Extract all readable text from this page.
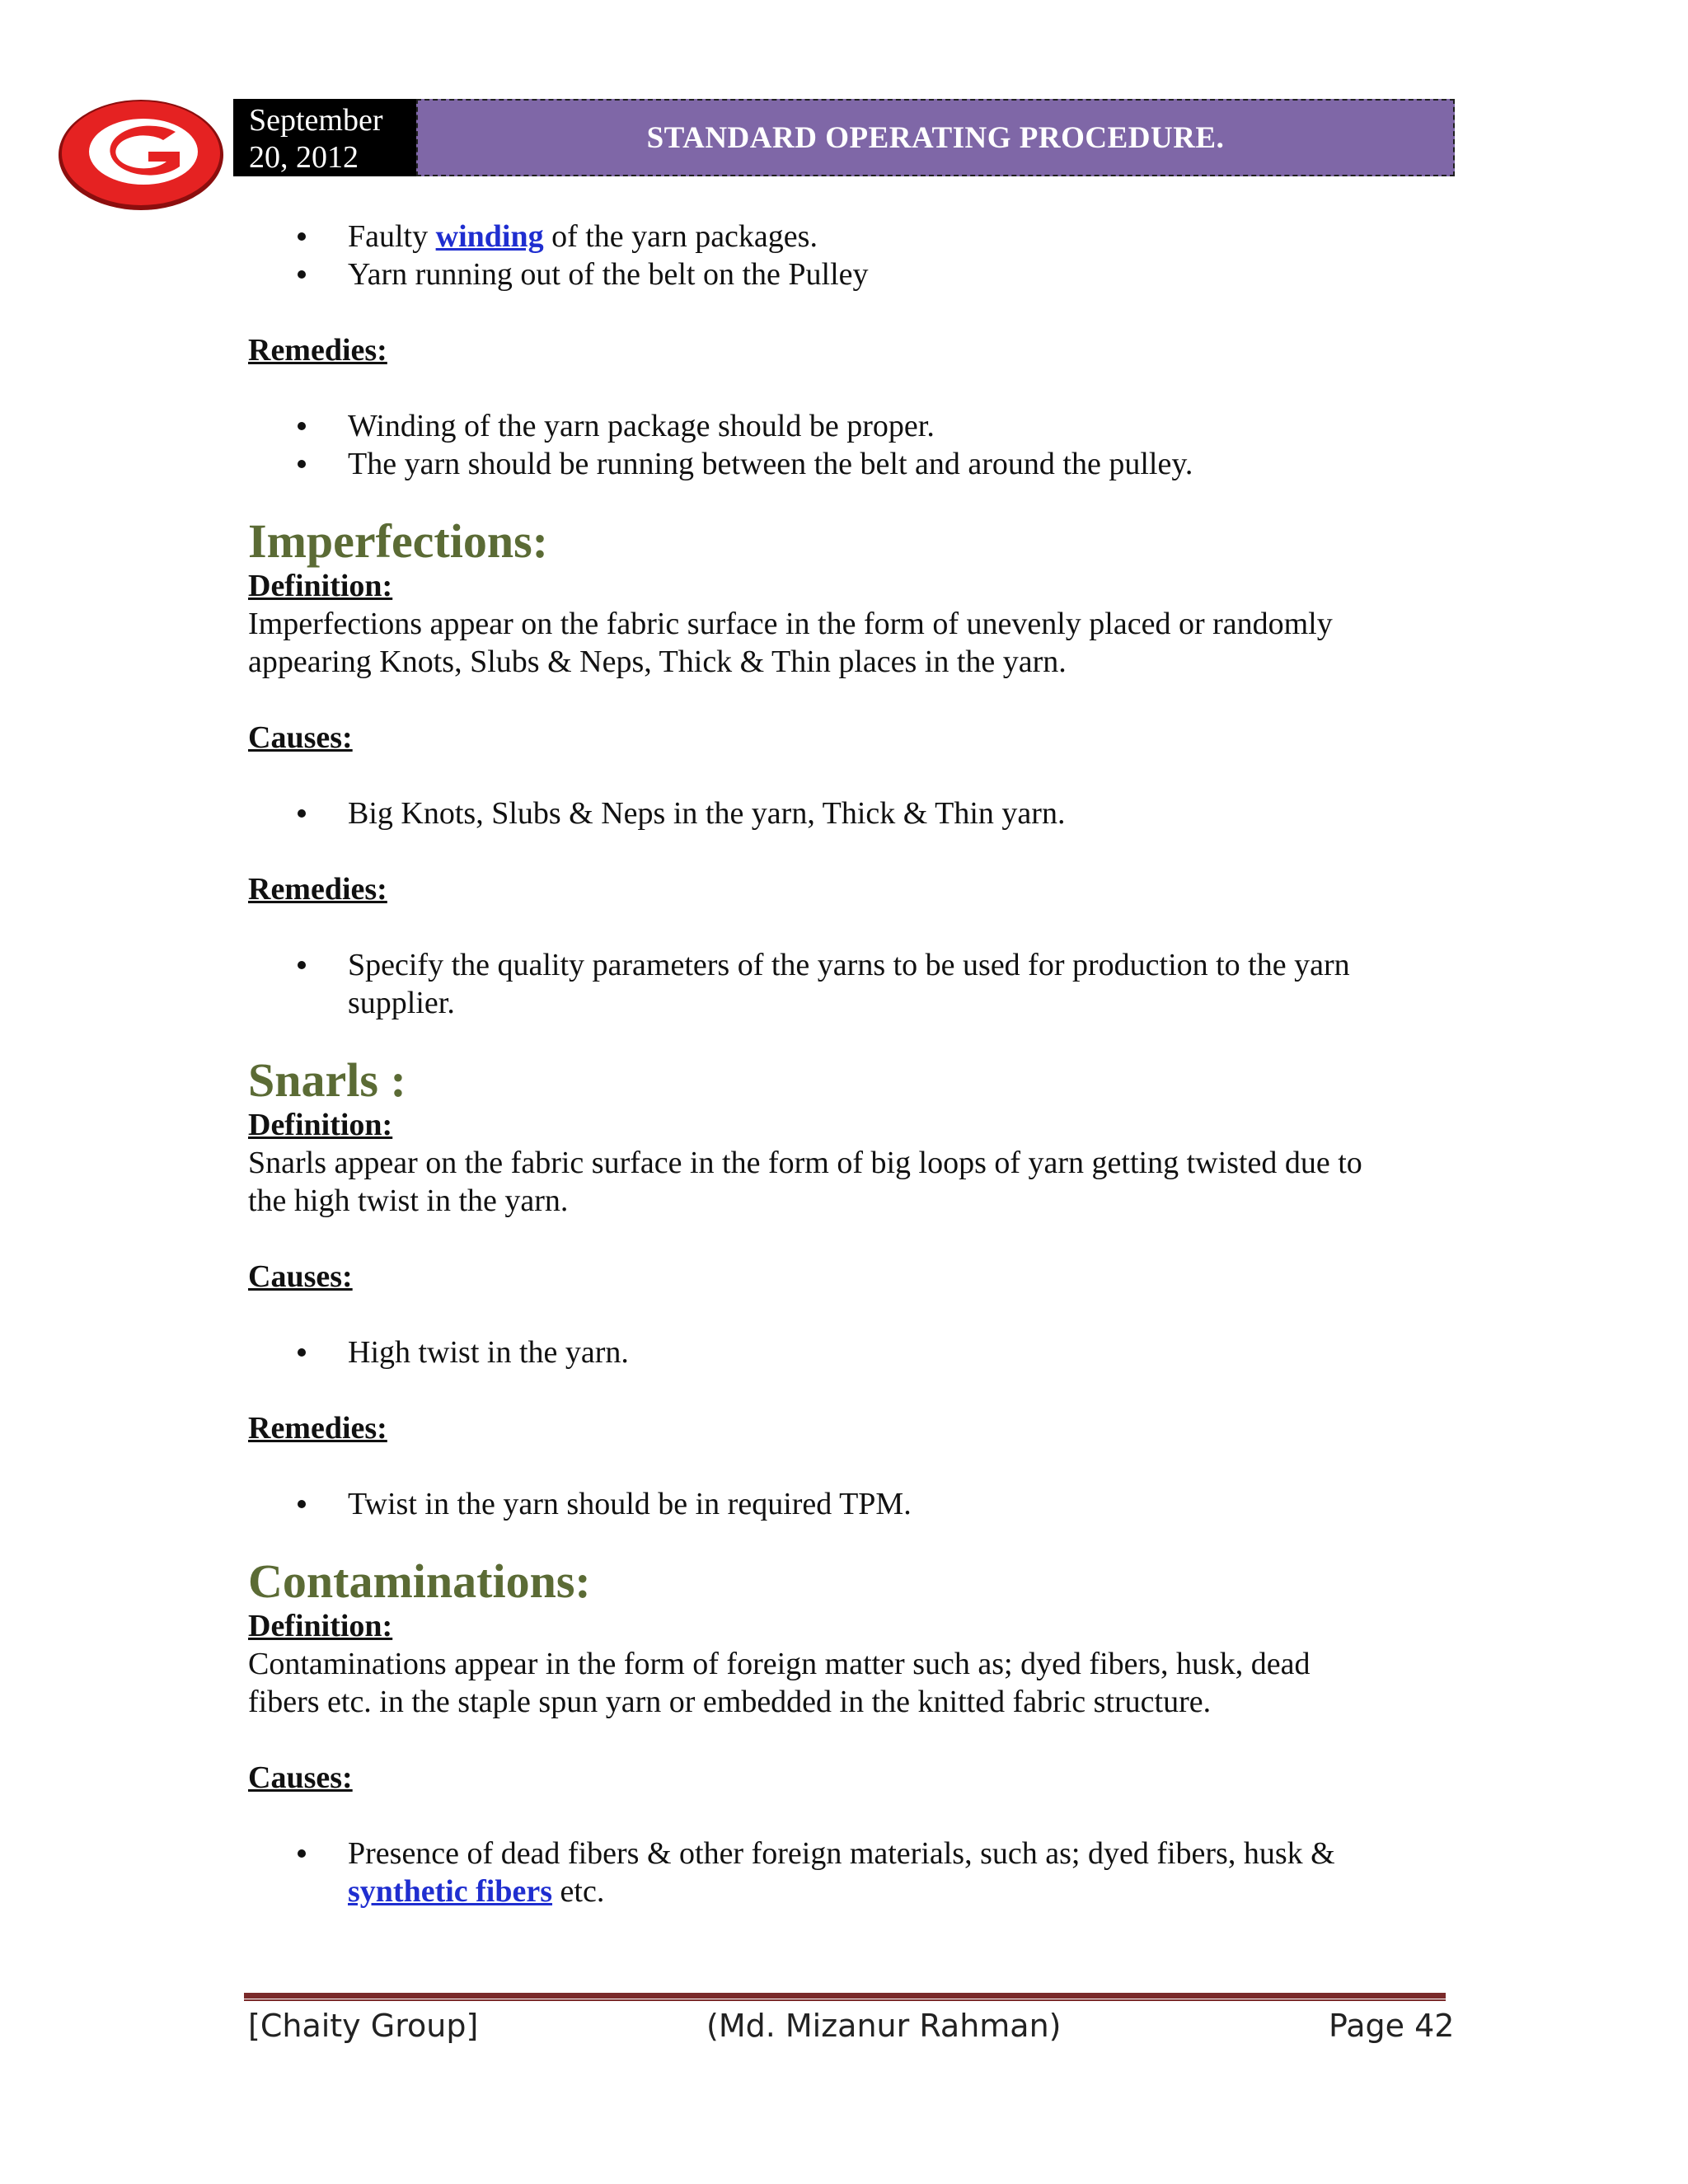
September
20, 2012
STANDARD OPERATING PROCEDURE.
Faulty winding of the yarn packages.
Yarn running out of the belt on the Pulley

Remedies:

Winding of the yarn package should be proper.
The yarn should be running between the belt and around the pulley.

Imperfections:

Definition:

Imperfections appear on the fabric surface in the form of unevenly placed or randomly
appearing Knots, Slubs & Neps, Thick & Thin places in the yarn.

Causes:

Big Knots, Slubs & Neps in the yarn, Thick & Thin yarn.

Remedies:

Specify the quality parameters of the yarns to be used for production to the yarn
supplier.

Snarls :

Definition:

Snarls appear on the fabric surface in the form of big loops of yarn getting twisted due to
the high twist in the yarn.

Causes:

High twist in the yarn.

Remedies:

Twist in the yarn should be in required TPM.

Contaminations:

Definition:

Contaminations appear in the form of foreign matter such as; dyed fibers, husk, dead
fibers etc. in the staple spun yarn or embedded in the knitted fabric structure.

Causes:

Presence of dead fibers & other foreign materials, such as; dyed fibers, husk &
synthetic fibers etc.
[Chaity Group]	(Md. Mizanur Rahman)	Page 42
